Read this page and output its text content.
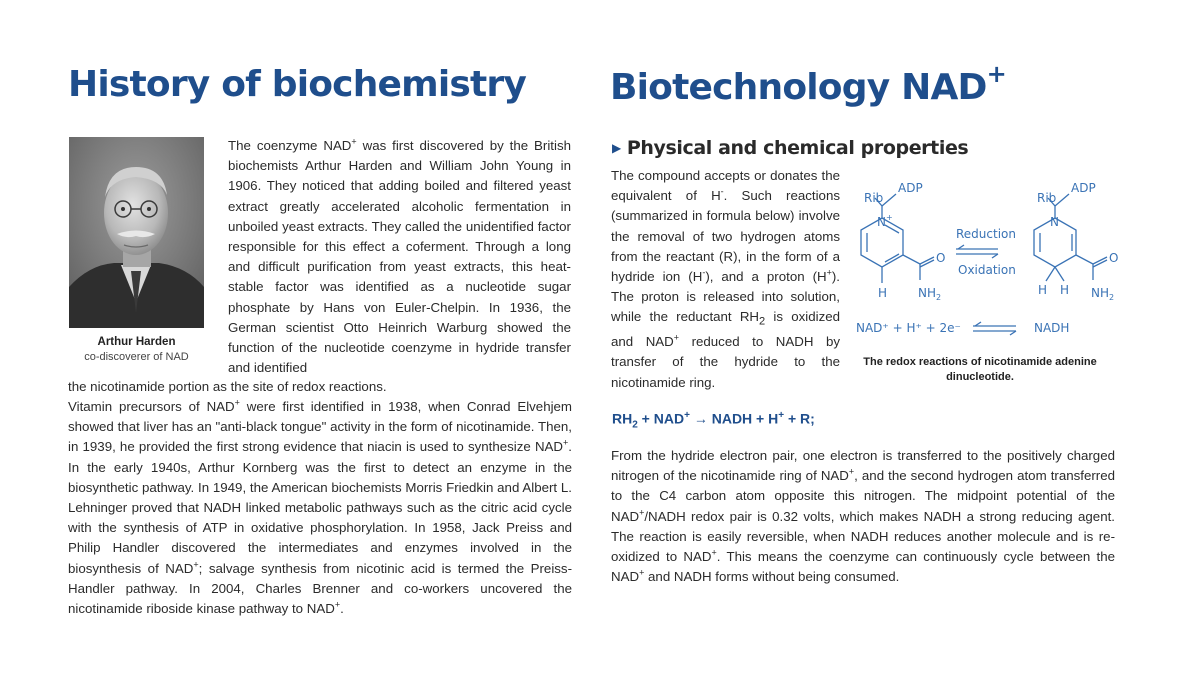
History of biochemistry
Arthur Harden
co-discoverer of NAD
The coenzyme NAD+ was first discovered by the British biochemists Arthur Harden and William John Young in 1906. They noticed that adding boiled and filtered yeast extract greatly accelerated alcoholic fermentation in unboiled yeast extracts. They called the unidentified factor responsible for this effect a coferment. Through a long and difficult purification from yeast extracts, this heat-stable factor was identified as a nucleotide sugar phosphate by Hans von Euler-Chelpin. In 1936, the German scientist Otto Heinrich Warburg showed the function of the nucleotide coenzyme in hydride transfer and identified

the nicotinamide portion as the site of redox reactions.

Vitamin precursors of NAD+ were first identified in 1938, when Conrad Elvehjem showed that liver has an "anti-black tongue" activity in the form of nicotinamide. Then, in 1939, he provided the first strong evidence that niacin is used to synthesize NAD+. In the early 1940s, Arthur Kornberg was the first to detect an enzyme in the biosynthetic pathway. In 1949, the American biochemists Morris Friedkin and Albert L. Lehninger proved that NADH linked metabolic pathways such as the citric acid cycle with the synthesis of ATP in oxidative phosphorylation. In 1958, Jack Preiss and Philip Handler discovered the intermediates and enzymes involved in the biosynthesis of NAD+; salvage synthesis from nicotinic acid is termed the Preiss-Handler pathway. In 2004, Charles Brenner and co-workers uncovered the nicotinamide riboside kinase pathway to NAD+.

Biotechnology NAD+
▶ Physical and chemical properties
The compound accepts or donates the equivalent of H-. Such reactions (summarized in formula below) involve the removal of two hydrogen atoms from the reactant (R), in the form of a hydride ion (H-), and a proton (H+). The proton is released into solution, while the reductant $RH_2$ is oxidized and NAD+ reduced to NADH by transfer of the hydride to the nicotinamide ring.
Rib
ADP
N +
O
H	NH 2
Reduction
Oxidation
Rib
ADP
N
O
H H NH 2
NAD⁺ + H⁺ + 2e⁻	NADH
The redox reactions of nicotinamide adenine dinucleotide.
$RH_2 + NAD^+$ → NADH + H+ + R;

From the hydride electron pair, one electron is transferred to the positively charged nitrogen of the nicotinamide ring of NAD+, and the second hydrogen atom transferred to the C4 carbon atom opposite this nitrogen. The midpoint potential of the NAD+/NADH redox pair is 0.32 volts, which makes NADH a strong reducing agent. The reaction is easily reversible, when NADH reduces another molecule and is re-oxidized to NAD+. This means the coenzyme can continuously cycle between the NAD+ and NADH forms without being consumed.
